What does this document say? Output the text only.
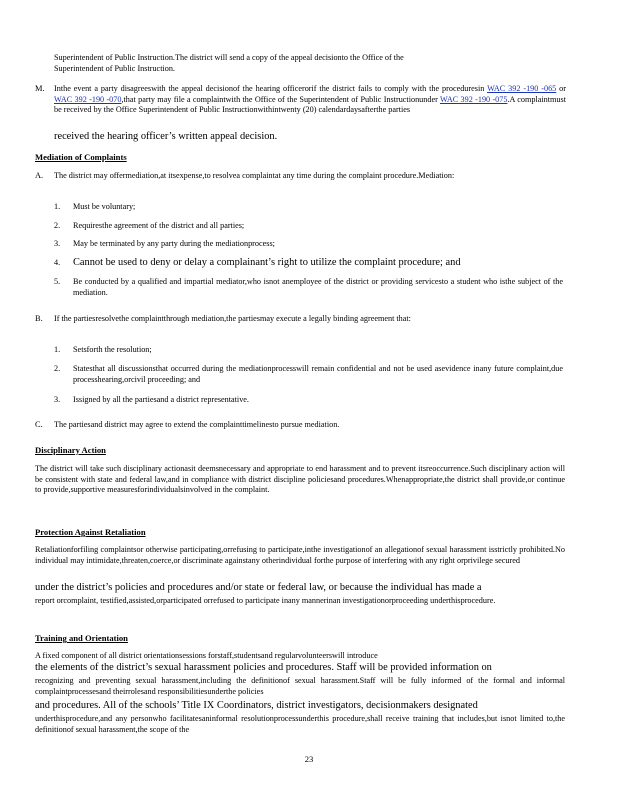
Superintendent of Public Instruction.The district will send a copy of the appeal decisionto the Office of the
Superintendent of Public Instruction.
M. Inthe event a party disagreeswith the appeal decisionof the hearing officerorif the district fails to comply with the proceduresin WAC 392 -190 -065 or WAC 392 -190 -070,that party may file a complaintwith the Office of the Superintendent of Public Instructionunder WAC 392 -190 -075.A complaintmust be received by the Office Superintendent of Public Instructionwithintwenty (20) calendardaysafterthe parties
received the hearing officer’s written appeal decision.
Mediation of Complaints
A. The district may offermediation,at itsexpense,to resolvea complaintat any time during the complaint procedure.Mediation:
1. Must be voluntary;
2. Requiresthe agreement of the district and all parties;
3. May be terminated by any party during the mediationprocess;
4. Cannot be used to deny or delay a complainant’s right to utilize the complaint procedure; and
5. Be conducted by a qualified and impartial mediator,who isnot anemployee of the district or providing servicesto a student who isthe subject of the mediation.
B. If the partiesresolvethe complaintthrough mediation,the partiesmay execute a legally binding agreement that:
1. Setsforth the resolution;
2. Statesthat all discussionsthat occurred during the mediationprocesswill remain confidential and not be used asevidence inany future complaint,due processhearing,orcivil proceeding; and
3. Issigned by all the partiesand a district representative.
C. The partiesand district may agree to extend the complainttimelinesto pursue mediation.
Disciplinary Action
The district will take such disciplinary actionasit deemsnecessary and appropriate to end harassment and to prevent itsreoccurrence.Such disciplinary action will be consistent with state and federal law,and in compliance with district discipline policiesand procedures.Whenappropriate,the district shall provide,or continue to provide,supportive measuresforindividualsinvolved in the complaint.
Protection Against Retaliation
Retaliationforfiling complaintsor otherwise participating,orrefusing to participate,inthe investigationof an allegationof sexual harassment isstrictly prohibited.No individual may intimidate,threaten,coerce,or discriminate againstany otherindividual forthe purpose of interfering with any right orprivilege secured
under the district’s policies and procedures and/or state or federal law, or because the individual has made a
report orcomplaint, testified,assisted,orparticipated orrefused to participate inany mannerinan investigationorproceeding underthisprocedure.
Training and Orientation
A fixed component of all district orientationsessions forstaff,studentsand regularvolunteerswill introduce
the elements of the district’s sexual harassment policies and procedures. Staff will be provided information on
recognizing and preventing sexual harassment,including the definitionof sexual harassment.Staff will be fully informed of the formal and informal complaintprocessesand theirrolesand responsibilitiesunderthe policies
and procedures. All of the schools’ Title IX Coordinators, district investigators, decisionmakers designated
underthisprocedure,and any personwho facilitatesaninformal resolutionprocessunderthis procedure,shall receive training that includes,but isnot limited to,the definitionof sexual harassment,the scope of the
23
